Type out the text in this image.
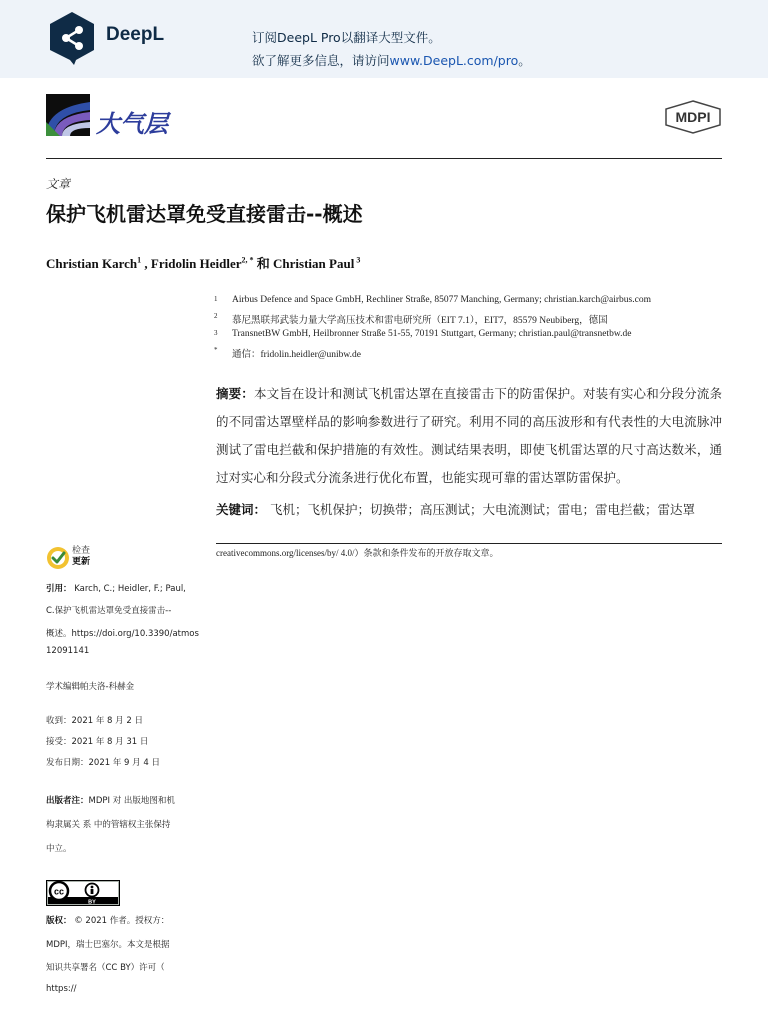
DeepL	订阅DeepL Pro以翻译大型文件。
欲了解更多信息，请访问www.DeepL.com/pro。
大气层	MDPI
文章
保护飞机雷达罩免受直接雷击--概述
Christian Karch$^1$ , Fridolin Heidler$^{2, *}$ 和 Christian Paul $^3$
1 Airbus Defence and Space GmbH, Rechliner Straße, 85077 Manching, Germany; christian.karch@airbus.com
2 慕尼黑联邦武装力量大学高压技术和雷电研究所（EIT 7.1），EIT7，85579 Neubiberg，德国
3 TransnetBW GmbH, Heilbronner Straße 51-55, 70191 Stuttgart, Germany; christian.paul@transnetbw.de
* 通信：fridolin.heidler@unibw.de
摘要：本文旨在设计和测试飞机雷达罩在直接雷击下的防雷保护。对装有实心和分段分流条的不同雷达罩壁样品的影响参数进行了研究。利用不同的高压波形和有代表性的大电流脉冲测试了雷电拦截和保护措施的有效性。测试结果表明，即使飞机雷达罩的尺寸高达数米，通过对实心和分段式分流条进行优化布置，也能实现可靠的雷达罩防雷保护。
关键词： 飞机；飞机保护；切换带；高压测试；大电流测试；雷电；雷电拦截；雷达罩
creativecommons.org/licenses/by/ 4.0/）条款和条件发布的开放存取文章。
检查
更新
引用： Karch, C.; Heidler, F.; Paul,
C.保护飞机雷达罩免受直接雷击--
概述。https://doi.org/10.3390/atmos
12091141
学术编辑帕夫洛-科赫金
收到：2021 年 8 月 2 日
接受：2021 年 8 月 31 日
发布日期：2021 年 9 月 4 日
出版者注：MDPI 对 出版地图和机
构隶属关 系 中的管辖权主张保持
中立。
cc
BY
版权： © 2021 作者。授权方：
MDPI，瑞士巴塞尔。本文是根据
知识共享署名（CC BY）许可（
https://
